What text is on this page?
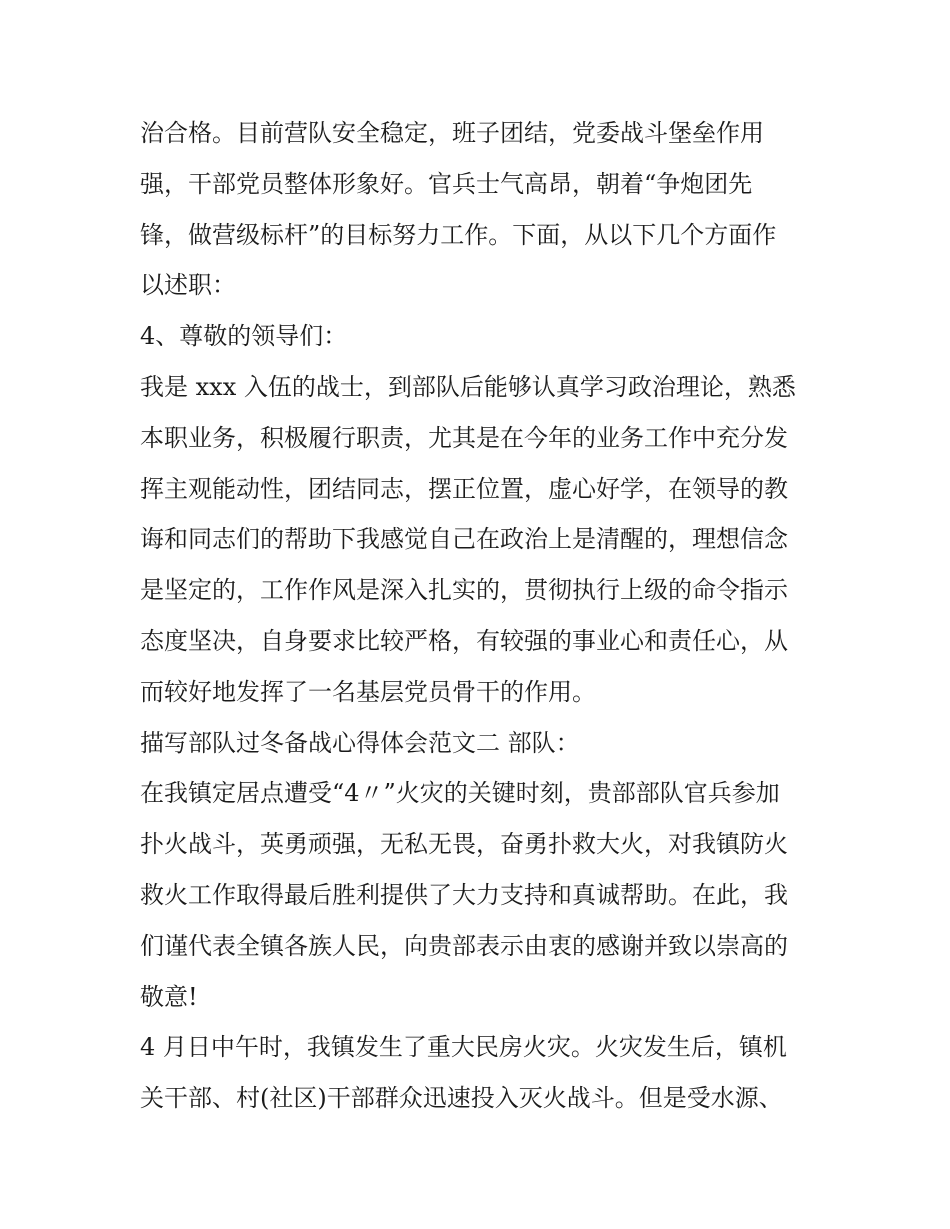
治合格。目前营队安全稳定，班子团结，党委战斗堡垒作用
强，干部党员整体形象好。官兵士气高昂，朝着“争炮团先
锋，做营级标杆”的目标努力工作。下面，从以下几个方面作
以述职：
4、尊敬的领导们：
我是 xxx 入伍的战士，到部队后能够认真学习政治理论，熟悉
本职业务，积极履行职责，尤其是在今年的业务工作中充分发
挥主观能动性，团结同志，摆正位置，虚心好学，在领导的教
诲和同志们的帮助下我感觉自己在政治上是清醒的，理想信念
是坚定的，工作作风是深入扎实的，贯彻执行上级的命令指示
态度坚决，自身要求比较严格，有较强的事业心和责任心，从
而较好地发挥了一名基层党员骨干的作用。
描写部队过冬备战心得体会范文二 部队：
在我镇定居点遭受“4〃”火灾的关键时刻，贵部部队官兵参加
扑火战斗，英勇顽强，无私无畏，奋勇扑救大火，对我镇防火
救火工作取得最后胜利提供了大力支持和真诚帮助。在此，我
们谨代表全镇各族人民，向贵部表示由衷的感谢并致以崇高的
敬意!
4 月日中午时，我镇发生了重大民房火灾。火灾发生后，镇机
关干部、村(社区)干部群众迅速投入灭火战斗。但是受水源、
